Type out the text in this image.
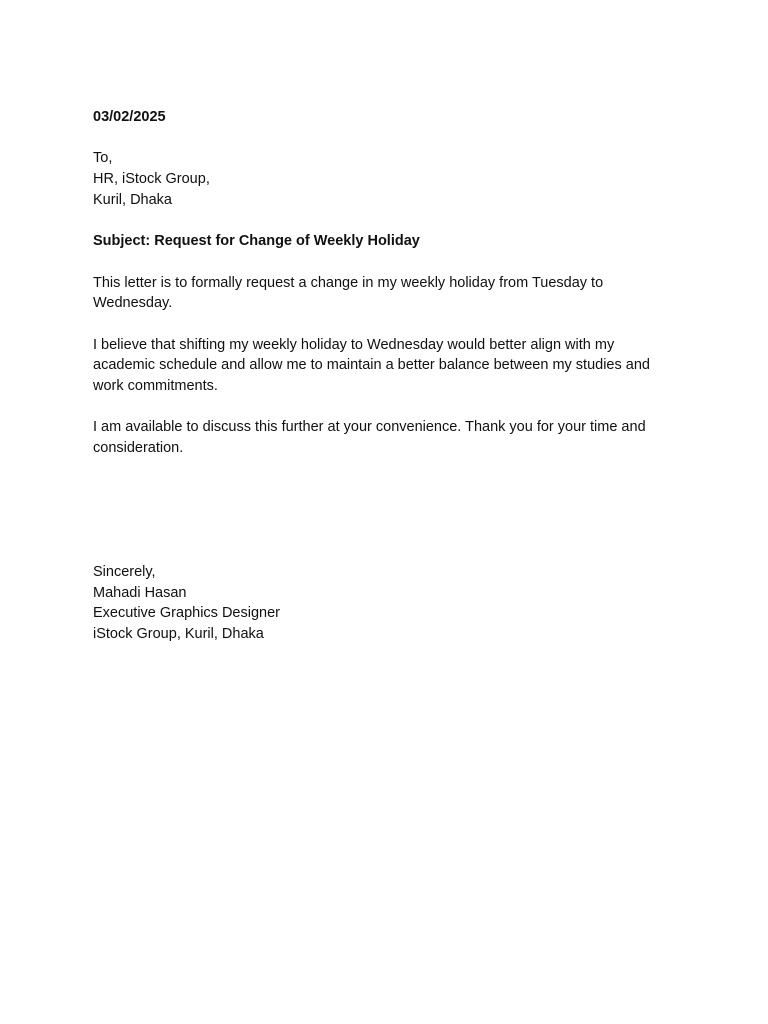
03/02/2025
To,
HR, iStock Group,
Kuril, Dhaka
Subject: Request for Change of Weekly Holiday
This letter is to formally request a change in my weekly holiday from Tuesday to
Wednesday.
I believe that shifting my weekly holiday to Wednesday would better align with my
academic schedule and allow me to maintain a better balance between my studies and
work commitments.
I am available to discuss this further at your convenience. Thank you for your time and
consideration.
Sincerely,
Mahadi Hasan
Executive Graphics Designer
iStock Group, Kuril, Dhaka
